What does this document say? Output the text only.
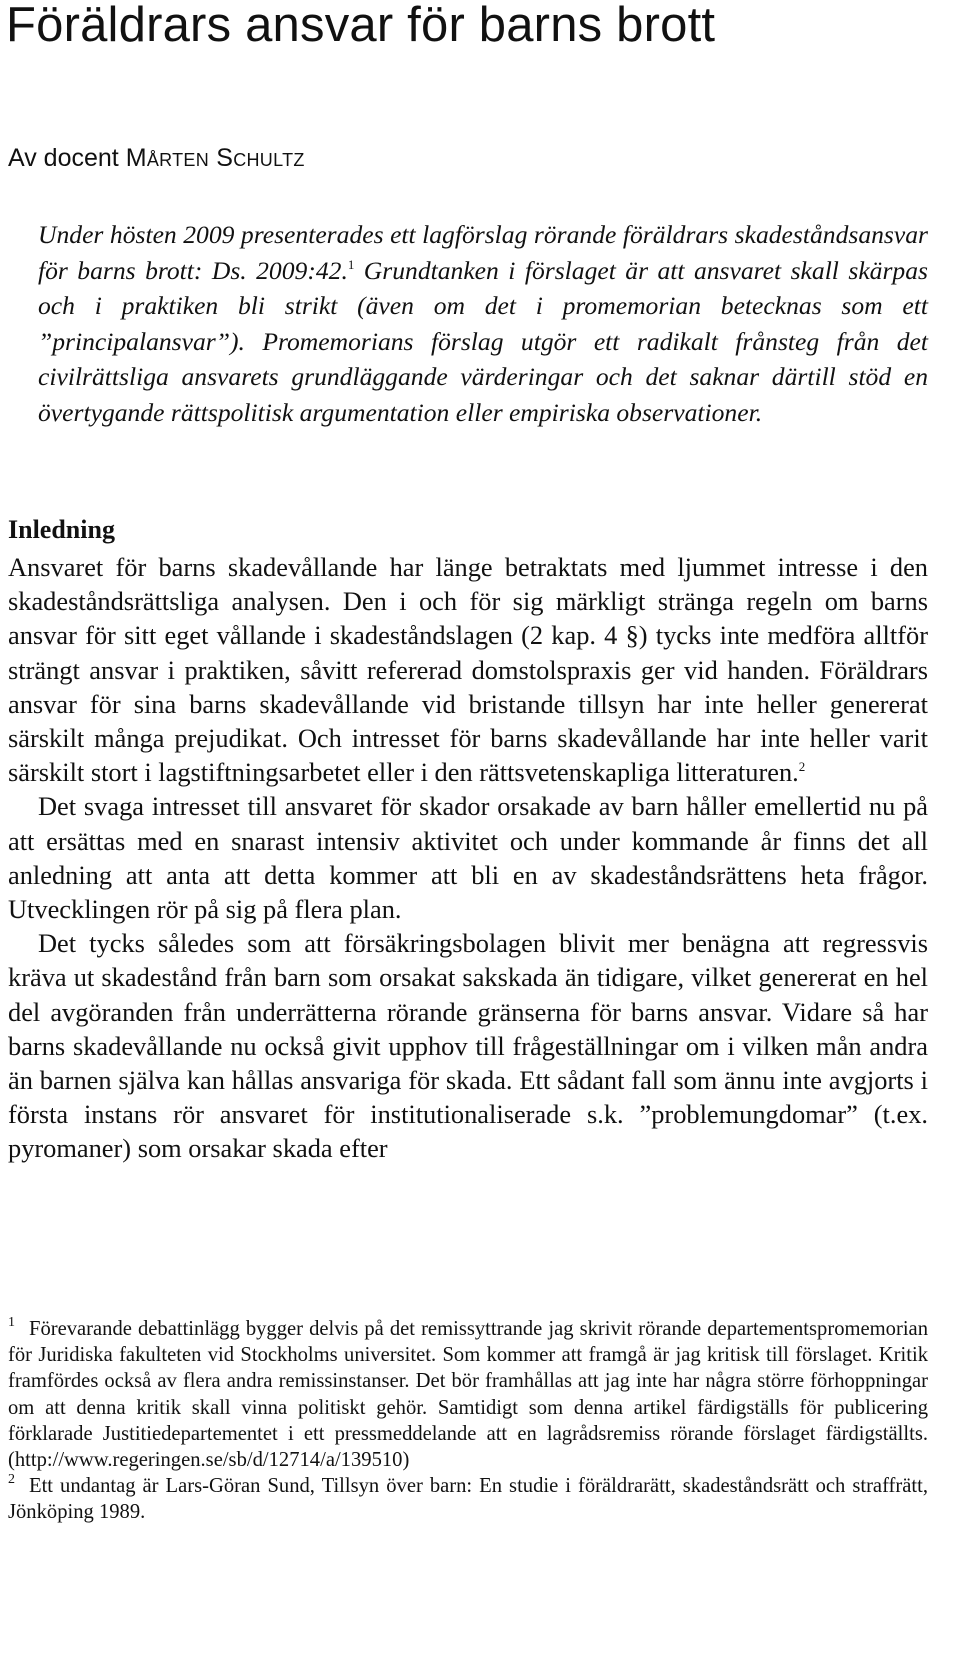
Föräldrars ansvar för barns brott
Av docent Mårten Schultz
Under hösten 2009 presenterades ett lagförslag rörande föräldrars skadeståndsansvar för barns brott: Ds. 2009:42.$^1$ Grundtanken i förslaget är att ansvaret skall skärpas och i praktiken bli strikt (även om det i promemorian betecknas som ett ”principalansvar”). Promemorians förslag utgör ett radikalt frånsteg från det civilrättsliga ansvarets grundläggande värderingar och det saknar därtill stöd en övertygande rättspolitisk argumentation eller empiriska observationer.
Inledning

Ansvaret för barns skadevållande har länge betraktats med ljummet intresse i den skadeståndsrättsliga analysen. Den i och för sig märkligt stränga regeln om barns ansvar för sitt eget vållande i skadeståndslagen (2 kap. 4 §) tycks inte medföra alltför strängt ansvar i praktiken, såvitt refererad domstolspraxis ger vid handen. Föräldrars ansvar för sina barns skadevållande vid bristande tillsyn har inte heller genererat särskilt många prejudikat. Och intresset för barns skadevållande har inte heller varit särskilt stort i lagstiftningsarbetet eller i den rättsvetenskapliga litteraturen.$^2$

Det svaga intresset till ansvaret för skador orsakade av barn håller emellertid nu på att ersättas med en snarast intensiv aktivitet och under kommande år finns det all anledning att anta att detta kommer att bli en av skadeståndsrättens heta frågor. Utvecklingen rör på sig på flera plan.

Det tycks således som att försäkringsbolagen blivit mer benägna att regressvis kräva ut skadestånd från barn som orsakat sakskada än tidigare, vilket genererat en hel del avgöranden från underrätterna rörande gränserna för barns ansvar. Vidare så har barns skadevållande nu också givit upphov till frågeställningar om i vilken mån andra än barnen själva kan hållas ansvariga för skada. Ett sådant fall som ännu inte avgjorts i första instans rör ansvaret för institutionaliserade s.k. ”problemungdomar” (t.ex. pyromaner) som orsakar skada efter

$^1$ Förevarande debattinlägg bygger delvis på det remissyttrande jag skrivit rörande departementspromemorian för Juridiska fakulteten vid Stockholms universitet. Som kommer att framgå är jag kritisk till förslaget. Kritik framfördes också av flera andra remissinstanser. Det bör framhållas att jag inte har några större förhoppningar om att denna kritik skall vinna politiskt gehör. Samtidigt som denna artikel färdigställs för publicering förklarade Justitiedepartementet i ett pressmeddelande att en lagrådsremiss rörande förslaget färdigställts. (http://www.regeringen.se/sb/d/12714/a/139510)

$^2$ Ett undantag är Lars-Göran Sund, Tillsyn över barn: En studie i föräldrarätt, skadeståndsrätt och straffrätt, Jönköping 1989.
